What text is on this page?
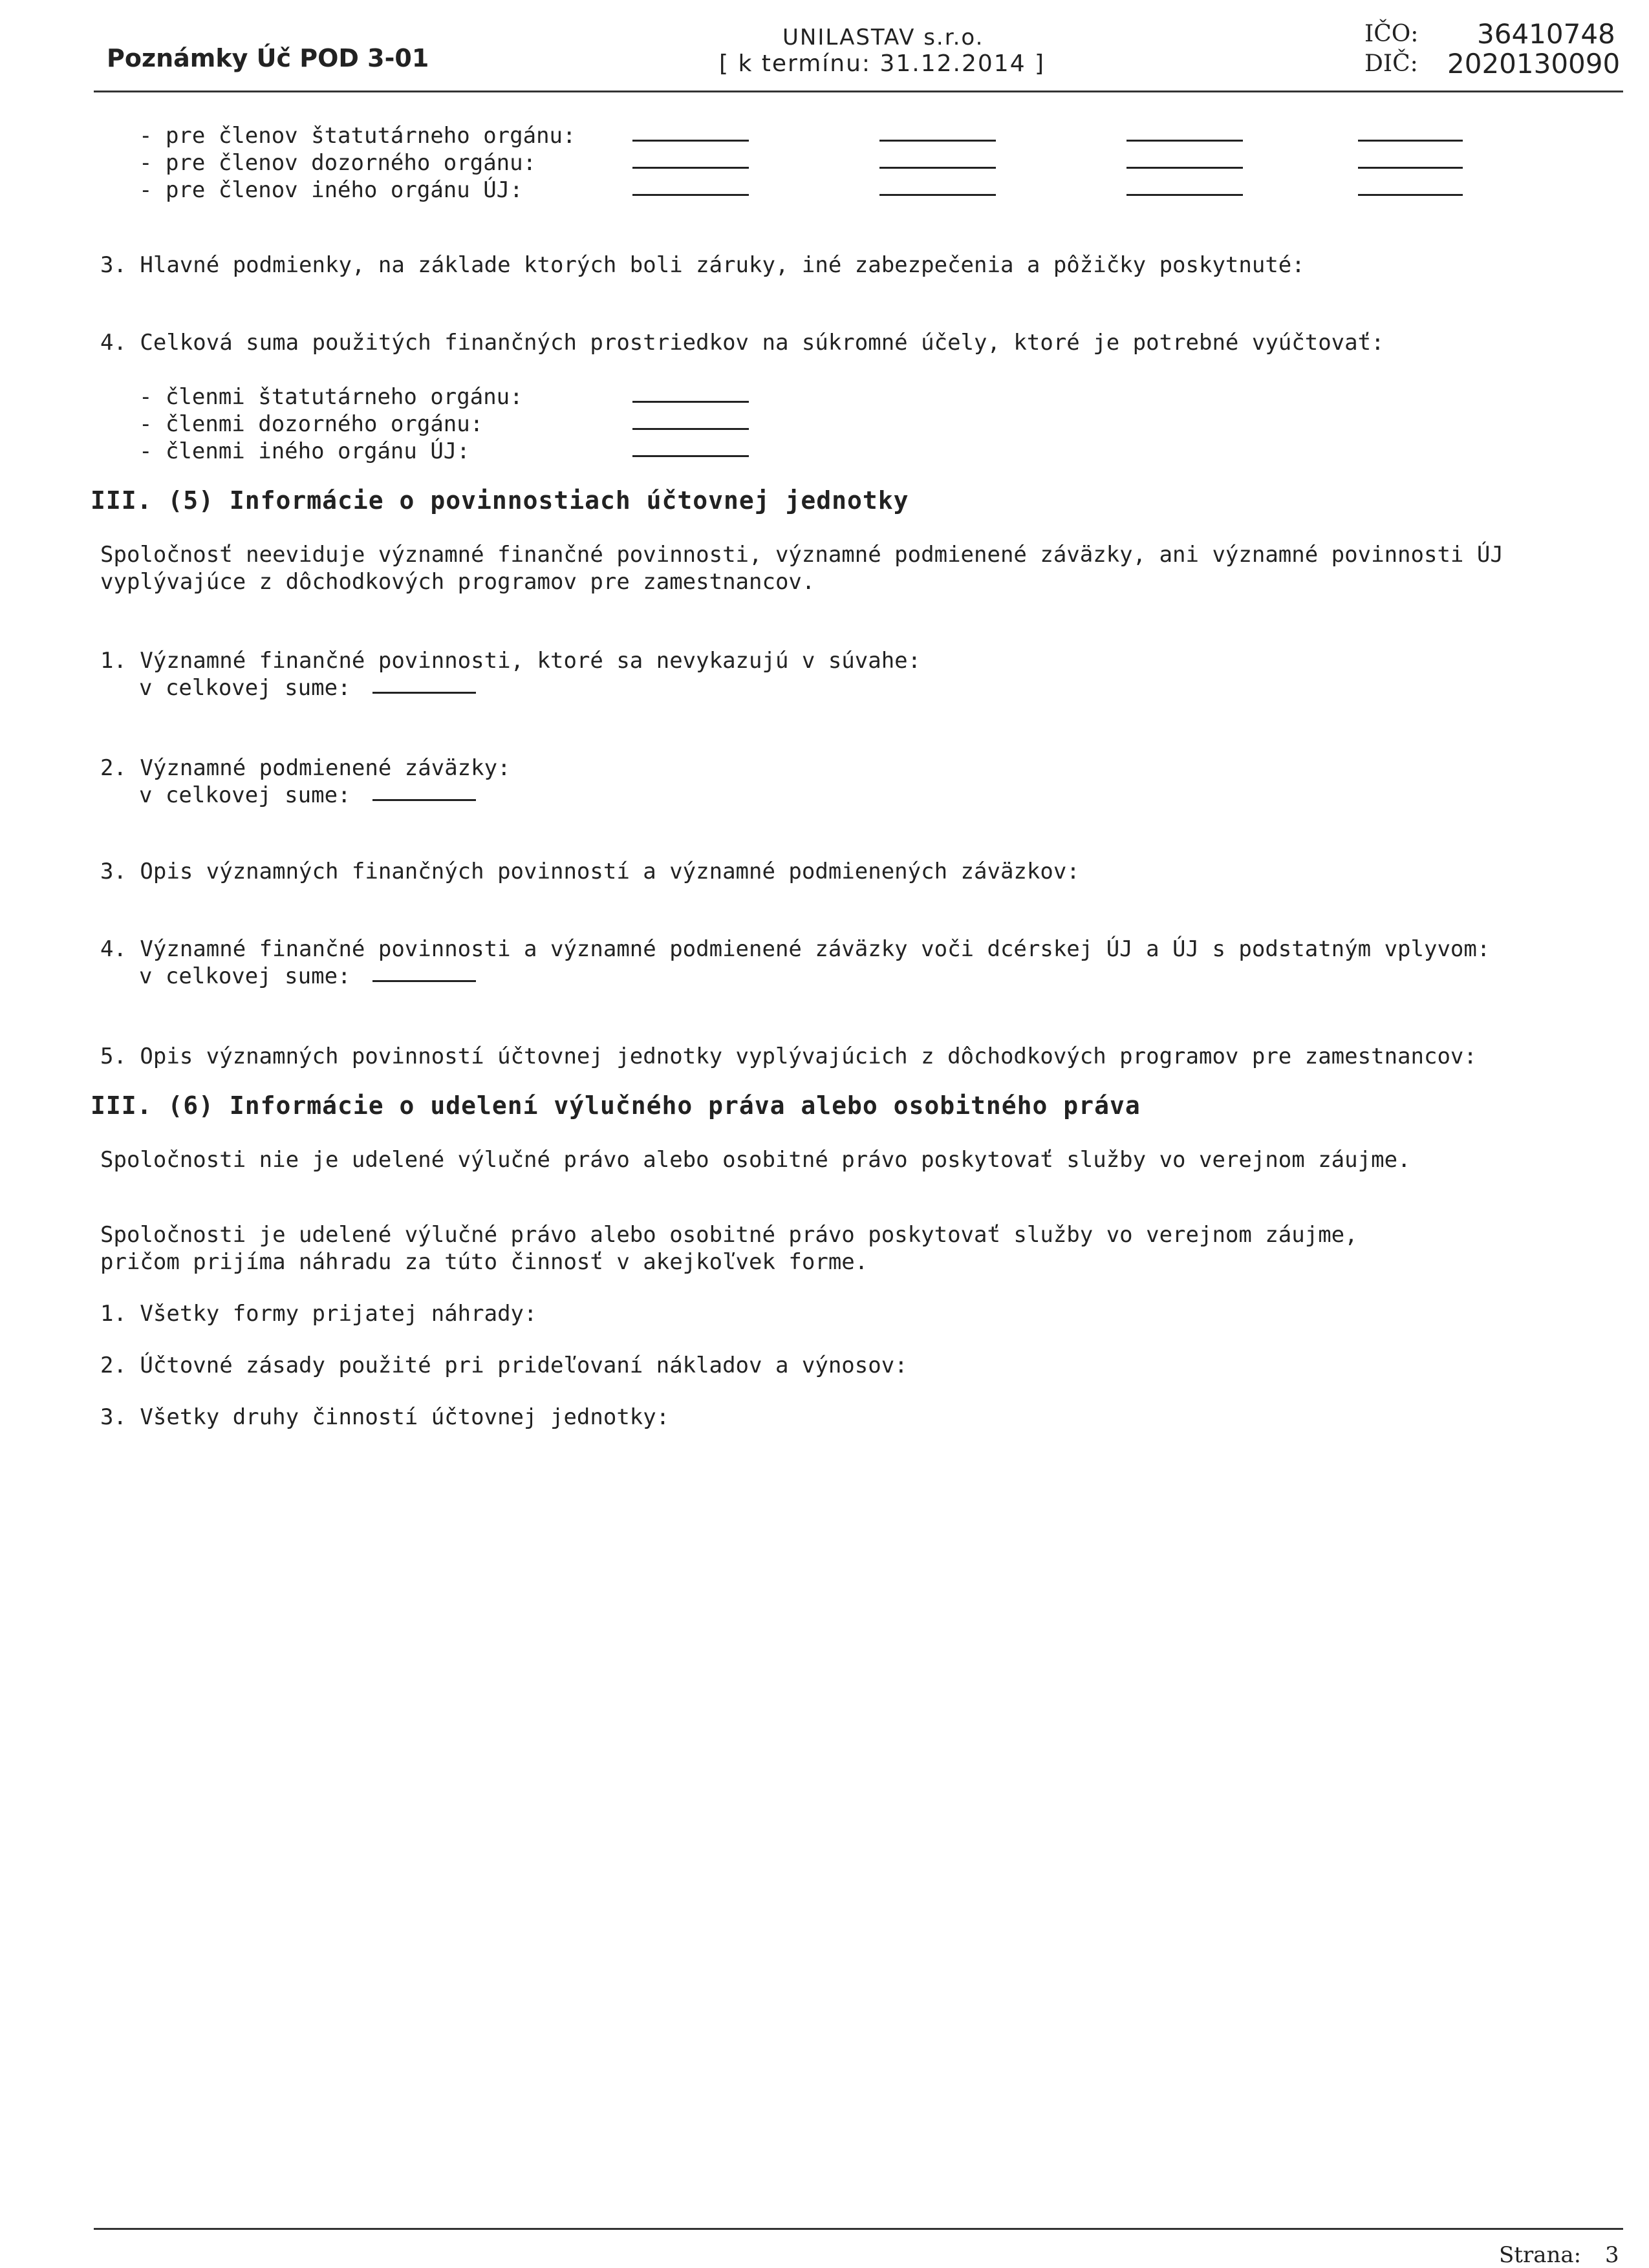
Poznámky Úč POD 3-01
UNILASTAV s.r.o.
[ k termínu: 31.12.2014 ]
IČO: 36410748
DIČ: 2020130090
- pre členov štatutárneho orgánu:
- pre členov dozorného orgánu:
- pre členov iného orgánu ÚJ:
3. Hlavné podmienky, na základe ktorých boli záruky, iné zabezpečenia a pôžičky poskytnuté:
4. Celková suma použitých finančných prostriedkov na súkromné účely, ktoré je potrebné vyúčtovať:
- členmi štatutárneho orgánu:
- členmi dozorného orgánu:
- členmi iného orgánu ÚJ:
III. (5) Informácie o povinnostiach účtovnej jednotky
Spoločnosť neeviduje významné finančné povinnosti, významné podmienené záväzky, ani významné povinnosti ÚJ
vyplývajúce z dôchodkových programov pre zamestnancov.
1. Významné finančné povinnosti, ktoré sa nevykazujú v súvahe:
v celkovej sume:
2. Významné podmienené záväzky:
v celkovej sume:
3. Opis významných finančných povinností a významné podmienených záväzkov:
4. Významné finančné povinnosti a významné podmienené záväzky voči dcérskej ÚJ a ÚJ s podstatným vplyvom:
v celkovej sume:
5. Opis významných povinností účtovnej jednotky vyplývajúcich z dôchodkových programov pre zamestnancov:
III. (6) Informácie o udelení výlučného práva alebo osobitného práva
Spoločnosti nie je udelené výlučné právo alebo osobitné právo poskytovať služby vo verejnom záujme.
Spoločnosti je udelené výlučné právo alebo osobitné právo poskytovať služby vo verejnom záujme,
pričom prijíma náhradu za túto činnosť v akejkoľvek forme.
1. Všetky formy prijatej náhrady:
2. Účtovné zásady použité pri prideľovaní nákladov a výnosov:
3. Všetky druhy činností účtovnej jednotky:
Strana: 3
